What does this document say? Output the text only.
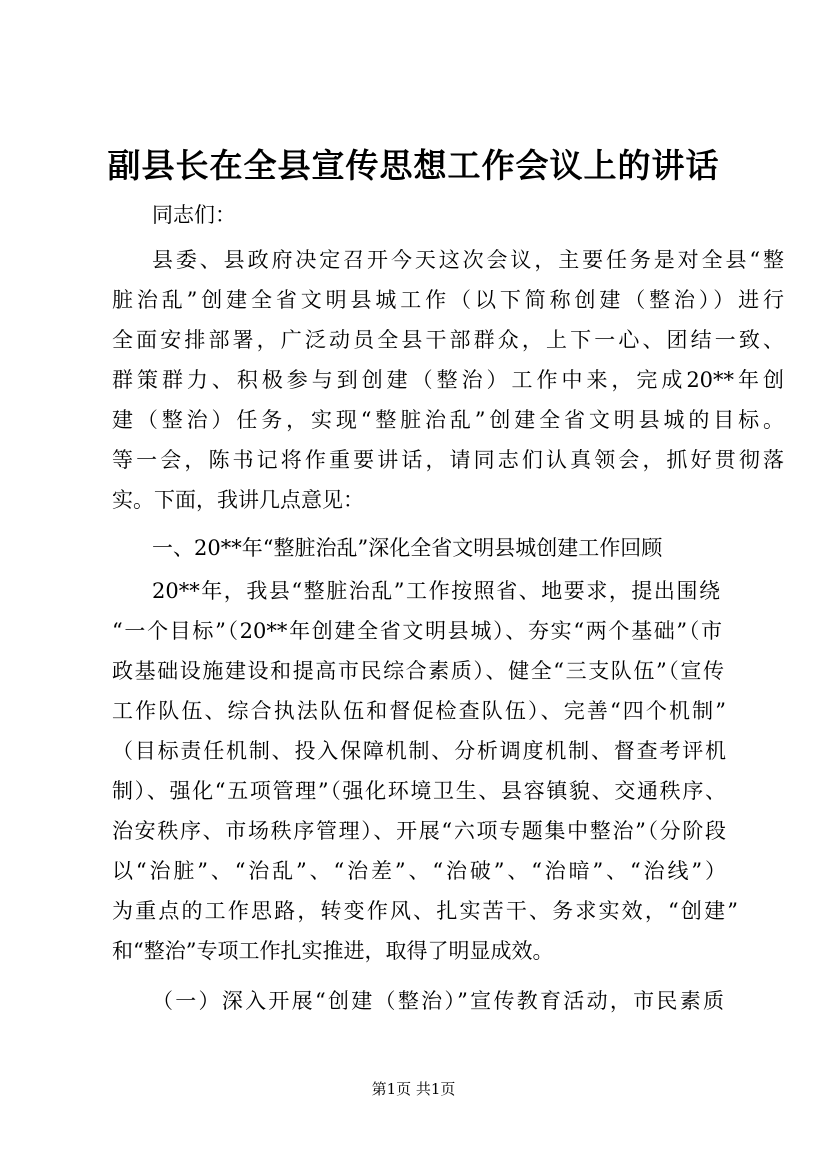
副县长在全县宣传思想工作会议上的讲话

同志们：

县委、县政府决定召开今天这次会议，主要任务是对全县“整

脏治乱”创建全省文明县城工作（以下简称创建（整治））进行

全面安排部署，广泛动员全县干部群众，上下一心、团结一致、

群策群力、积极参与到创建（整治）工作中来，完成20**年创

建（整治）任务，实现“整脏治乱”创建全省文明县城的目标。

等一会，陈书记将作重要讲话，请同志们认真领会，抓好贯彻落

实。下面，我讲几点意见：

一、20**年“整脏治乱”深化全省文明县城创建工作回顾

20**年，我县“整脏治乱”工作按照省、地要求，提出围绕

“一个目标”（20**年创建全省文明县城）、夯实“两个基础”（市

政基础设施建设和提高市民综合素质）、健全“三支队伍”（宣传

工作队伍、综合执法队伍和督促检查队伍）、完善“四个机制”

（目标责任机制、投入保障机制、分析调度机制、督查考评机

制）、强化“五项管理”（强化环境卫生、县容镇貌、交通秩序、

治安秩序、市场秩序管理）、开展“六项专题集中整治”（分阶段

以“治脏”、“治乱”、“治差”、“治破”、“治暗”、“治线”）

为重点的工作思路，转变作风、扎实苦干、务求实效，“创建”

和“整治”专项工作扎实推进，取得了明显成效。

（一）深入开展“创建（整治）”宣传教育活动，市民素质

第1页 共1页
